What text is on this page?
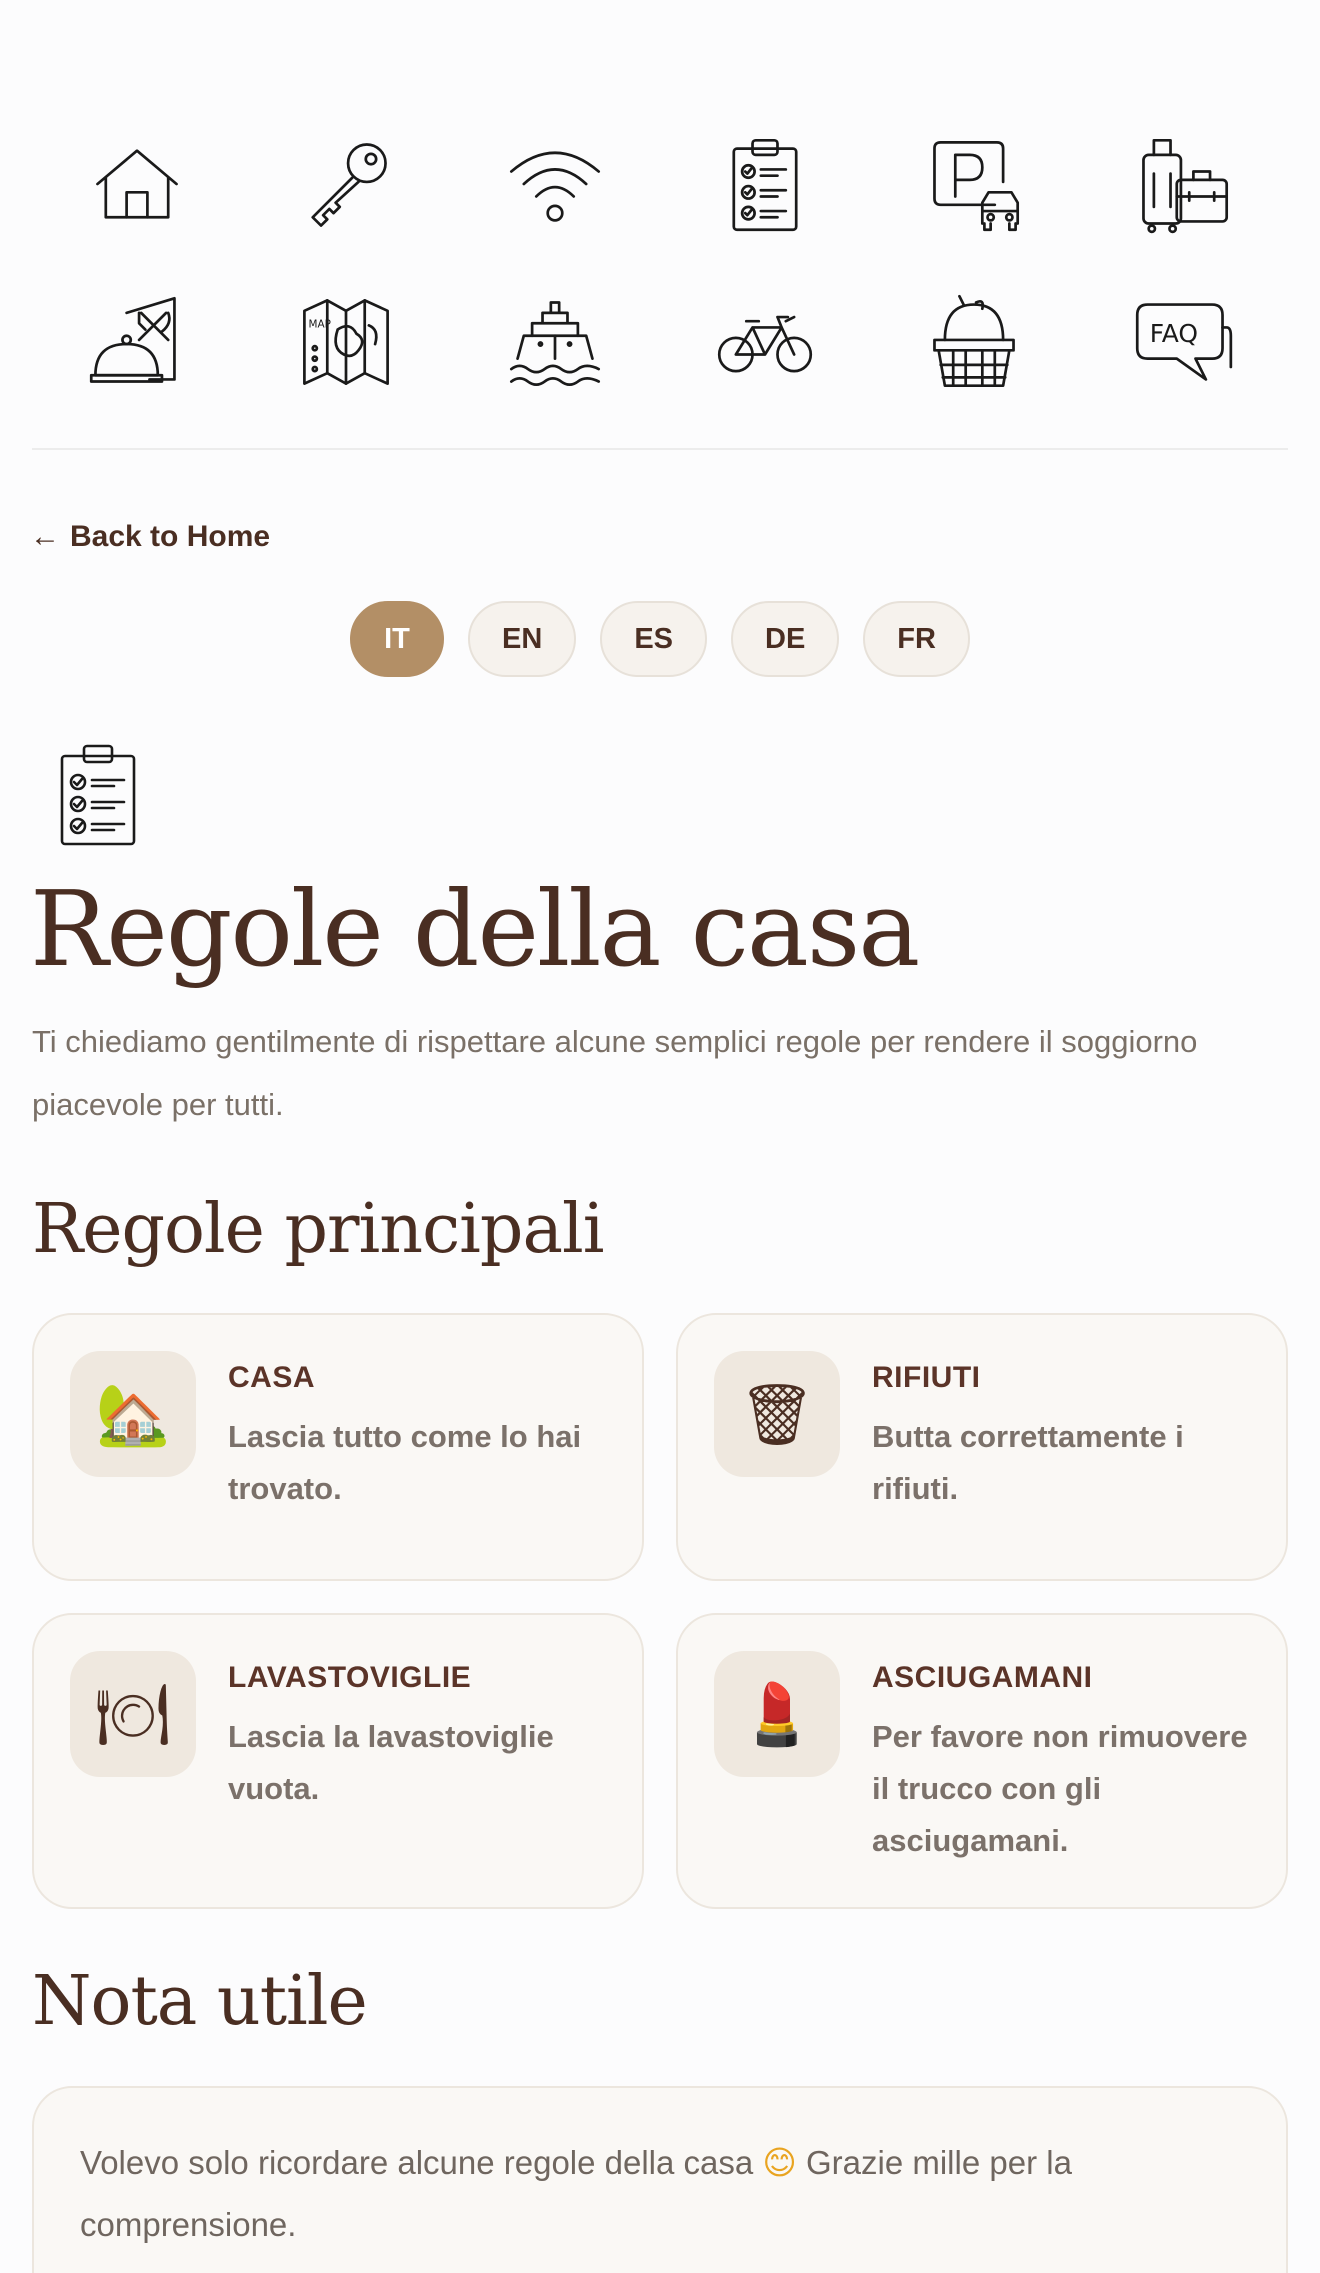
MAP	FAQ
← Back to Home
IT	EN	ES	DE	FR
Regole della casa

Ti chiediamo gentilmente di rispettare alcune semplici regole per rendere il soggiorno piacevole per tutti.

Regole principali
🏡
CASA
Lascia tutto come lo hai trovato.
🗑
RIFIUTI
Butta correttamente i rifiuti.
🍽
LAVASTOVIGLIE
Lascia la lavastoviglie vuota.
💄
ASCIUGAMANI
Per favore non rimuovere il trucco con gli asciugamani.
Nota utile
Volevo solo ricordare alcune regole della casa 😊 Grazie mille per la comprensione.
